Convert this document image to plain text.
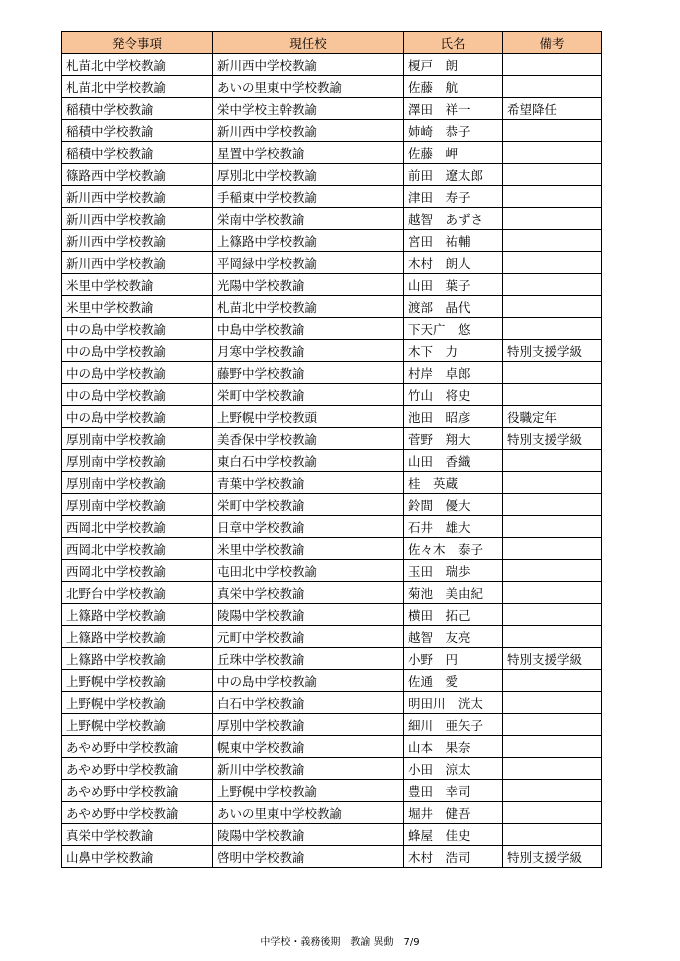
発令事項	現任校	氏名	備考
札苗北中学校教諭	新川西中学校教諭	榎戸　朗	
札苗北中学校教諭	あいの里東中学校教諭	佐藤　航	
稲積中学校教諭	栄中学校主幹教諭	澤田　祥一	希望降任
稲積中学校教諭	新川西中学校教諭	姉崎　恭子	
稲積中学校教諭	星置中学校教諭	佐藤　岬	
篠路西中学校教諭	厚別北中学校教諭	前田　遼太郎	
新川西中学校教諭	手稲東中学校教諭	津田　寿子	
新川西中学校教諭	栄南中学校教諭	越智　あずさ	
新川西中学校教諭	上篠路中学校教諭	宮田　祐輔	
新川西中学校教諭	平岡緑中学校教諭	木村　朗人	
米里中学校教諭	光陽中学校教諭	山田　葉子	
米里中学校教諭	札苗北中学校教諭	渡部　晶代	
中の島中学校教諭	中島中学校教諭	下天广　悠	
中の島中学校教諭	月寒中学校教諭	木下　力	特別支援学級
中の島中学校教諭	藤野中学校教諭	村岸　卓郎	
中の島中学校教諭	栄町中学校教諭	竹山　将史	
中の島中学校教諭	上野幌中学校教頭	池田　昭彦	役職定年
厚別南中学校教諭	美香保中学校教諭	菅野　翔大	特別支援学級
厚別南中学校教諭	東白石中学校教諭	山田　香織	
厚別南中学校教諭	青葉中学校教諭	桂　英蔵	
厚別南中学校教諭	栄町中学校教諭	鈴間　優大	
西岡北中学校教諭	日章中学校教諭	石井　雄大	
西岡北中学校教諭	米里中学校教諭	佐々木　泰子	
西岡北中学校教諭	屯田北中学校教諭	玉田　瑞歩	
北野台中学校教諭	真栄中学校教諭	菊池　美由紀	
上篠路中学校教諭	陵陽中学校教諭	横田　拓己	
上篠路中学校教諭	元町中学校教諭	越智　友亮	
上篠路中学校教諭	丘珠中学校教諭	小野　円	特別支援学級
上野幌中学校教諭	中の島中学校教諭	佐通　愛	
上野幌中学校教諭	白石中学校教諭	明田川　洸太	
上野幌中学校教諭	厚別中学校教諭	細川　亜矢子	
あやめ野中学校教諭	幌東中学校教諭	山本　果奈	
あやめ野中学校教諭	新川中学校教諭	小田　涼太	
あやめ野中学校教諭	上野幌中学校教諭	豊田　幸司	
あやめ野中学校教諭	あいの里東中学校教諭	堀井　健吾	
真栄中学校教諭	陵陽中学校教諭	蜂屋　佳史	
山鼻中学校教諭	啓明中学校教諭	木村　浩司	特別支援学級
中学校・義務後期　教諭 異動　7/9
